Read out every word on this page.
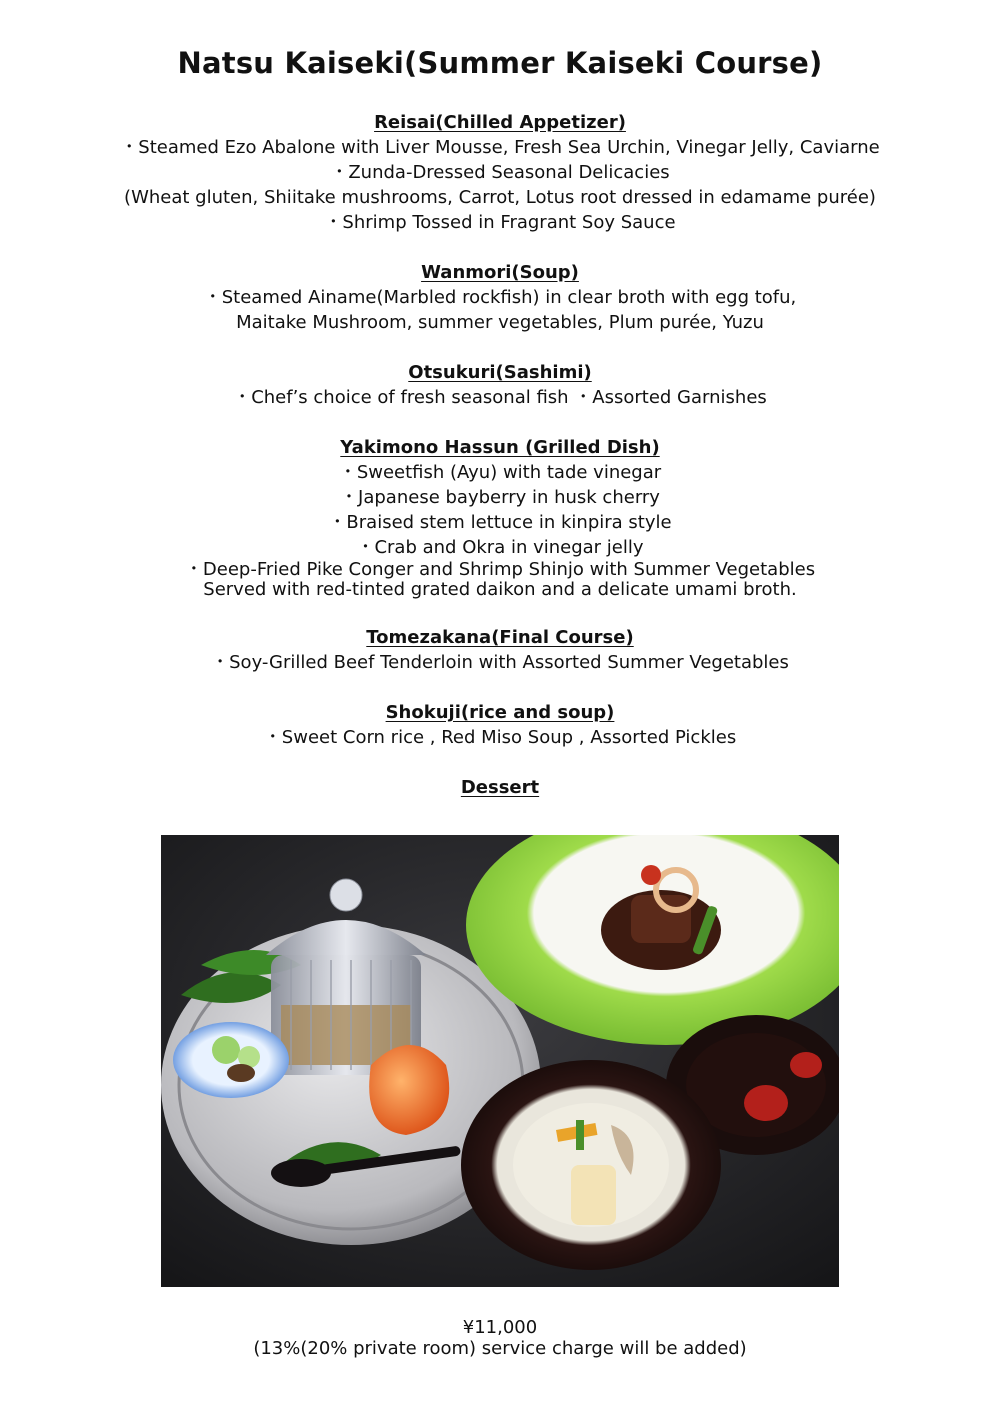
Natsu Kaiseki(Summer Kaiseki Course)
Reisai(Chilled Appetizer)
・Steamed Ezo Abalone with Liver Mousse, Fresh Sea Urchin, Vinegar Jelly, Caviarne
・Zunda-Dressed Seasonal Delicacies
(Wheat gluten, Shiitake mushrooms, Carrot, Lotus root dressed in edamame purée)
・Shrimp Tossed in Fragrant Soy Sauce
Wanmori(Soup)
・Steamed Ainame(Marbled rockfish) in clear broth with egg tofu,
Maitake Mushroom, summer vegetables, Plum purée, Yuzu
Otsukuri(Sashimi)
・Chef’s choice of fresh seasonal fish ・Assorted Garnishes
Yakimono Hassun (Grilled Dish)
・Sweetfish (Ayu) with tade vinegar
・Japanese bayberry in husk cherry
・Braised stem lettuce in kinpira style
・Crab and Okra in vinegar jelly
・Deep-Fried Pike Conger and Shrimp Shinjo with Summer Vegetables
Served with red-tinted grated daikon and a delicate umami broth.
Tomezakana(Final Course)
・Soy-Grilled Beef Tenderloin with Assorted Summer Vegetables
Shokuji(rice and soup)
・Sweet Corn rice , Red Miso Soup , Assorted Pickles
Dessert
¥11,000
(13%(20% private room) service charge will be added)
